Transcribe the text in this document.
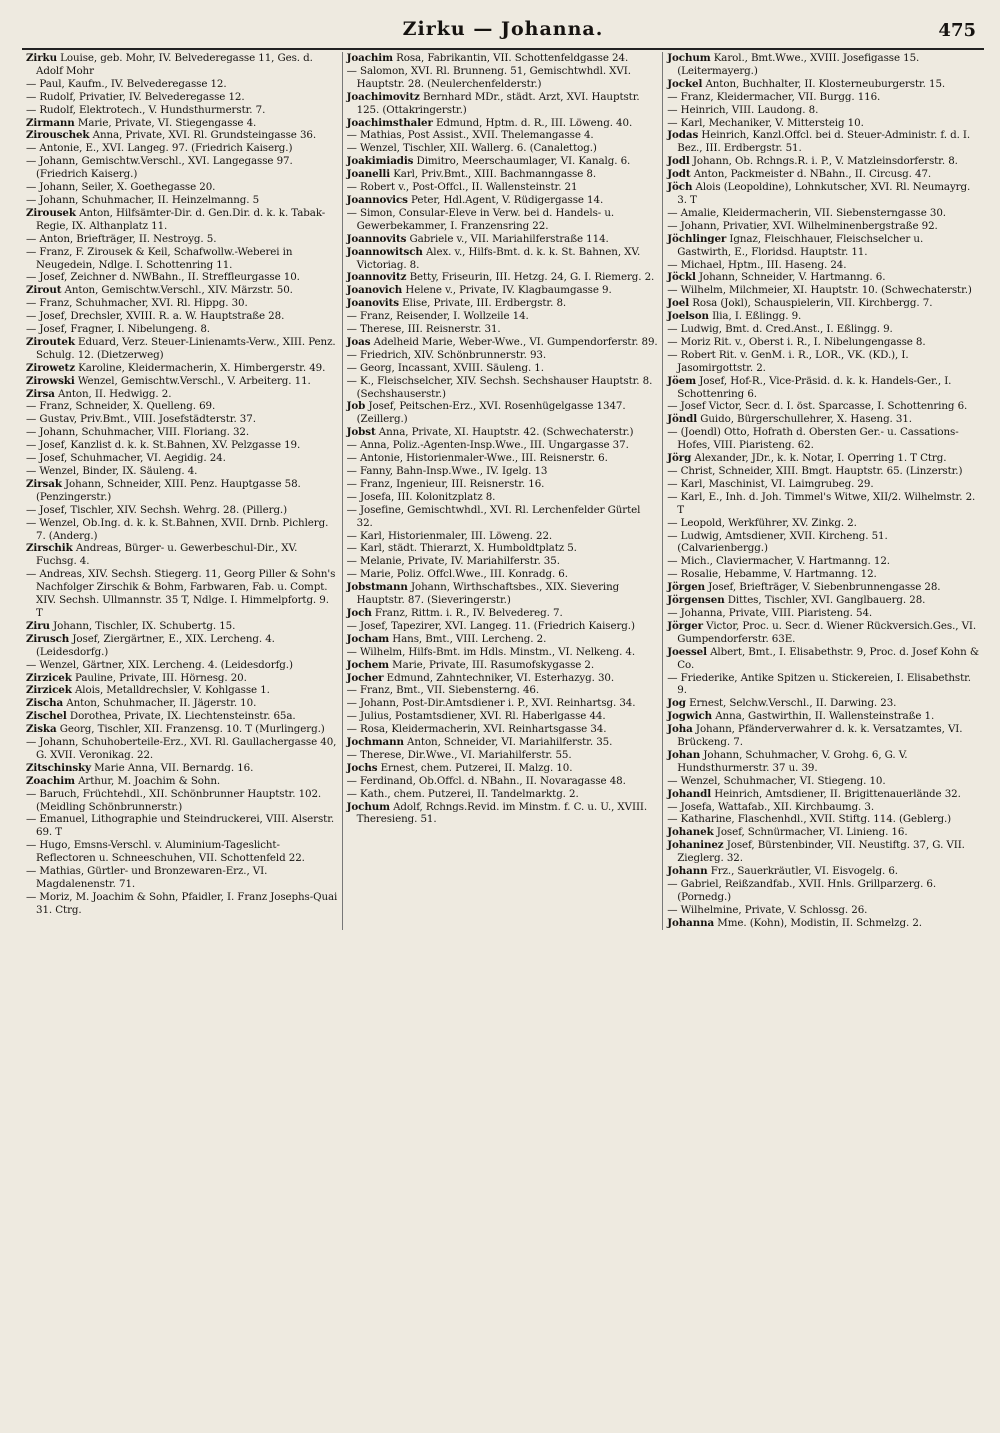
Zirku — Johanna.	475

Zirku Louise, geb. Mohr, IV. Belvederegasse 11, Ges. d. Adolf Mohr

— Paul, Kaufm., IV. Belvederegasse 12.

— Rudolf, Privatier, IV. Belvederegasse 12.

— Rudolf, Elektrotech., V. Hundsthurmerstr. 7.

Zirmann Marie, Private, VI. Stiegengasse 4.

Zirouschek Anna, Private, XVI. Rl. Grundsteingasse 36.

— Antonie, E., XVI. Langeg. 97. (Friedrich Kaiserg.)

— Johann, Gemischtw.Verschl., XVI. Langegasse 97. (Friedrich Kaiserg.)

— Johann, Seiler, X. Goethegasse 20.

— Johann, Schuhmacher, II. Heinzelmanng. 5

Zirousek Anton, Hilfsämter-Dir. d. Gen.Dir. d. k. k. Tabak-Regie, IX. Althanplatz 11.

— Anton, Briefträger, II. Nestroyg. 5.

— Franz, F. Zirousek & Keil, Schafwollw.-Weberei in Neugedein, Ndlge. I. Schottenring 11.

— Josef, Zeichner d. NWBahn., II. Streffleurgasse 10.

Zirout Anton, Gemischtw.Verschl., XIV. Märzstr. 50.

— Franz, Schuhmacher, XVI. Rl. Hippg. 30.

— Josef, Drechsler, XVIII. R. a. W. Hauptstraße 28.

— Josef, Fragner, I. Nibelungeng. 8.

Ziroutek Eduard, Verz. Steuer-Linienamts-Verw., XIII. Penz. Schulg. 12. (Dietzerweg)

Zirowetz Karoline, Kleidermacherin, X. Himbergerstr. 49.

Zirowski Wenzel, Gemischtw.Verschl., V. Arbeiterg. 11.

Zirsa Anton, II. Hedwigg. 2.

— Franz, Schneider, X. Quelleng. 69.

— Gustav, Priv.Bmt., VIII. Josefstädterstr. 37.

— Johann, Schuhmacher, VIII. Floriang. 32.

— Josef, Kanzlist d. k. k. St.Bahnen, XV. Pelzgasse 19.

— Josef, Schuhmacher, VI. Aegidig. 24.

— Wenzel, Binder, IX. Säuleng. 4.

Zirsak Johann, Schneider, XIII. Penz. Hauptgasse 58. (Penzingerstr.)

— Josef, Tischler, XIV. Sechsh. Wehrg. 28. (Pillerg.)

— Wenzel, Ob.Ing. d. k. k. St.Bahnen, XVII. Drnb. Pichlerg. 7. (Anderg.)

Zirschik Andreas, Bürger- u. Gewerbeschul-Dir., XV. Fuchsg. 4.

— Andreas, XIV. Sechsh. Stiegerg. 11, Georg Piller & Sohn's Nachfolger Zirschik & Bohm, Farbwaren, Fab. u. Compt. XIV. Sechsh. Ullmannstr. 35 T, Ndlge. I. Himmelpfortg. 9. T

Ziru Johann, Tischler, IX. Schubertg. 15.

Zirusch Josef, Ziergärtner, E., XIX. Lercheng. 4. (Leidesdorfg.)

— Wenzel, Gärtner, XIX. Lercheng. 4. (Leidesdorfg.)

Zirzicek Pauline, Private, III. Hörnesg. 20.

Zirzicek Alois, Metalldrechsler, V. Kohlgasse 1.

Zischa Anton, Schuhmacher, II. Jägerstr. 10.

Zischel Dorothea, Private, IX. Liechtensteinstr. 65a.

Ziska Georg, Tischler, XII. Franzensg. 10. T (Murlingerg.)

— Johann, Schuhoberteile-Erz., XVI. Rl. Gaullachergasse 40, G. XVII. Veronikag. 22.

Zitschinsky Marie Anna, VII. Bernardg. 16.

Zoachim Arthur, M. Joachim & Sohn.

— Baruch, Früchtehdl., XII. Schönbrunner Hauptstr. 102. (Meidling Schönbrunnerstr.)

— Emanuel, Lithographie und Steindruckerei, VIII. Alserstr. 69. T

— Hugo, Emsns-Verschl. v. Aluminium-Tageslicht-Reflectoren u. Schneeschuhen, VII. Schottenfeld 22.

— Mathias, Gürtler- und Bronzewaren-Erz., VI. Magdalenenstr. 71.

— Moriz, M. Joachim & Sohn, Pfaidler, I. Franz Josephs-Quai 31. Ctrg.

Joachim Rosa, Fabrikantin, VII. Schottenfeldgasse 24.

— Salomon, XVI. Rl. Brunneng. 51, Gemischtwhdl. XVI. Hauptstr. 28. (Neulerchenfelderstr.)

Joachimovitz Bernhard MDr., städt. Arzt, XVI. Hauptstr. 125. (Ottakringerstr.)

Joachimsthaler Edmund, Hptm. d. R., III. Löweng. 40.

— Mathias, Post Assist., XVII. Thelemangasse 4.

— Wenzel, Tischler, XII. Wallerg. 6. (Canalettog.)

Joakimiadis Dimitro, Meerschaumlager, VI. Kanalg. 6.

Joanelli Karl, Priv.Bmt., XIII. Bachmanngasse 8.

— Robert v., Post-Offcl., II. Wallensteinstr. 21

Joannovics Peter, Hdl.Agent, V. Rüdigergasse 14.

— Simon, Consular-Eleve in Verw. bei d. Handels- u. Gewerbekammer, I. Franzensring 22.

Joannovits Gabriele v., VII. Mariahilferstraße 114.

Joannowitsch Alex. v., Hilfs-Bmt. d. k. k. St. Bahnen, XV. Victoriag. 8.

Joannovitz Betty, Friseurin, III. Hetzg. 24, G. I. Riemerg. 2.

Joanovich Helene v., Private, IV. Klagbaumgasse 9.

Joanovits Elise, Private, III. Erdbergstr. 8.

— Franz, Reisender, I. Wollzeile 14.

— Therese, III. Reisnerstr. 31.

Joas Adelheid Marie, Weber-Wwe., VI. Gumpendorferstr. 89.

— Friedrich, XIV. Schönbrunnerstr. 93.

— Georg, Incassant, XVIII. Säuleng. 1.

— K., Fleischselcher, XIV. Sechsh. Sechshauser Hauptstr. 8. (Sechshauserstr.)

Job Josef, Peitschen-Erz., XVI. Rosenhügelgasse 1347. (Zeillerg.)

Jobst Anna, Private, XI. Hauptstr. 42. (Schwechaterstr.)

— Anna, Poliz.-Agenten-Insp.Wwe., III. Ungargasse 37.

— Antonie, Historienmaler-Wwe., III. Reisnerstr. 6.

— Fanny, Bahn-Insp.Wwe., IV. Igelg. 13

— Franz, Ingenieur, III. Reisnerstr. 16.

— Josefa, III. Kolonitzplatz 8.

— Josefine, Gemischtwhdl., XVI. Rl. Lerchenfelder Gürtel 32.

— Karl, Historienmaler, III. Löweng. 22.

— Karl, städt. Thierarzt, X. Humboldtplatz 5.

— Melanie, Private, IV. Mariahilferstr. 35.

— Marie, Poliz. Offcl.Wwe., III. Konradg. 6.

Jobstmann Johann, Wirthschaftsbes., XIX. Sievering Hauptstr. 87. (Sieveringerstr.)

Joch Franz, Rittm. i. R., IV. Belvedereg. 7.

— Josef, Tapezirer, XVI. Langeg. 11. (Friedrich Kaiserg.)

Jocham Hans, Bmt., VIII. Lercheng. 2.

— Wilhelm, Hilfs-Bmt. im Hdls. Minstm., VI. Nelkeng. 4.

Jochem Marie, Private, III. Rasumofskygasse 2.

Jocher Edmund, Zahntechniker, VI. Esterhazyg. 30.

— Franz, Bmt., VII. Siebensterng. 46.

— Johann, Post-Dir.Amtsdiener i. P., XVI. Reinhartsg. 34.

— Julius, Postamtsdiener, XVI. Rl. Haberlgasse 44.

— Rosa, Kleidermacherin, XVI. Reinhartsgasse 34.

Jochmann Anton, Schneider, VI. Mariahilferstr. 35.

— Therese, Dir.Wwe., VI. Mariahilferstr. 55.

Jochs Ernest, chem. Putzerei, II. Malzg. 10.

— Ferdinand, Ob.Offcl. d. NBahn., II. Novaragasse 48.

— Kath., chem. Putzerei, II. Tandelmarktg. 2.

Jochum Adolf, Rchngs.Revid. im Minstm. f. C. u. U., XVIII. Theresieng. 51.

Jochum Karol., Bmt.Wwe., XVIII. Josefigasse 15. (Leitermayerg.)

Jockel Anton, Buchhalter, II. Klosterneuburgerstr. 15.

— Franz, Kleidermacher, VII. Burgg. 116.

— Heinrich, VIII. Laudong. 8.

— Karl, Mechaniker, V. Mittersteig 10.

Jodas Heinrich, Kanzl.Offcl. bei d. Steuer-Administr. f. d. I. Bez., III. Erdbergstr. 51.

Jodl Johann, Ob. Rchngs.R. i. P., V. Matzleinsdorferstr. 8.

Jodt Anton, Packmeister d. NBahn., II. Circusg. 47.

Jöch Alois (Leopoldine), Lohnkutscher, XVI. Rl. Neumayrg. 3. T

— Amalie, Kleidermacherin, VII. Siebensterngasse 30.

— Johann, Privatier, XVI. Wilhelminenbergstraße 92.

Jöchlinger Ignaz, Fleischhauer, Fleischselcher u. Gastwirth, E., Floridsd. Hauptstr. 11.

— Michael, Hptm., III. Haseng. 24.

Jöckl Johann, Schneider, V. Hartmanng. 6.

— Wilhelm, Milchmeier, XI. Hauptstr. 10. (Schwechaterstr.)

Joel Rosa (Jokl), Schauspielerin, VII. Kirchbergg. 7.

Joelson Ilia, I. Eßlingg. 9.

— Ludwig, Bmt. d. Cred.Anst., I. Eßlingg. 9.

— Moriz Rit. v., Oberst i. R., I. Nibelungengasse 8.

— Robert Rit. v. GenM. i. R., LOR., VK. (KD.), I. Jasomirgottstr. 2.

Jöem Josef, Hof-R., Vice-Präsid. d. k. k. Handels-Ger., I. Schottenring 6.

— Josef Victor, Secr. d. I. öst. Sparcasse, I. Schottenring 6.

Jöndl Guido, Bürgerschullehrer, X. Haseng. 31.

— (Joendl) Otto, Hofrath d. Obersten Ger.- u. Cassations-Hofes, VIII. Piaristeng. 62.

Jörg Alexander, JDr., k. k. Notar, I. Operring 1. T Ctrg.

— Christ, Schneider, XIII. Bmgt. Hauptstr. 65. (Linzerstr.)

— Karl, Maschinist, VI. Laimgrubeg. 29.

— Karl, E., Inh. d. Joh. Timmel's Witwe, XII/2. Wilhelmstr. 2. T

— Leopold, Werkführer, XV. Zinkg. 2.

— Ludwig, Amtsdiener, XVII. Kircheng. 51. (Calvarienbergg.)

— Mich., Claviermacher, V. Hartmanng. 12.

— Rosalie, Hebamme, V. Hartmanng. 12.

Jörgen Josef, Briefträger, V. Siebenbrunnengasse 28.

Jörgensen Dittes, Tischler, XVI. Ganglbauerg. 28.

— Johanna, Private, VIII. Piaristeng. 54.

Jörger Victor, Proc. u. Secr. d. Wiener Rückversich.Ges., VI. Gumpendorferstr. 63E.

Joessel Albert, Bmt., I. Elisabethstr. 9, Proc. d. Josef Kohn & Co.

— Friederike, Antike Spitzen u. Stickereien, I. Elisabethstr. 9.

Jog Ernest, Selchw.Verschl., II. Darwing. 23.

Jogwich Anna, Gastwirthin, II. Wallensteinstraße 1.

Joha Johann, Pfänderverwahrer d. k. k. Versatzamtes, VI. Brückeng. 7.

Johan Johann, Schuhmacher, V. Grohg. 6, G. V. Hundsthurmerstr. 37 u. 39.

— Wenzel, Schuhmacher, VI. Stiegeng. 10.

Johandl Heinrich, Amtsdiener, II. Brigittenauerlände 32.

— Josefa, Wattafab., XII. Kirchbaumg. 3.

— Katharine, Flaschenhdl., XVII. Stiftg. 114. (Geblerg.)

Johanek Josef, Schnürmacher, VI. Linieng. 16.

Johaninez Josef, Bürstenbinder, VII. Neustiftg. 37, G. VII. Zieglerg. 32.

Johann Frz., Sauerkräutler, VI. Eisvogelg. 6.

— Gabriel, Reißzandfab., XVII. Hnls. Grillparzerg. 6. (Pornedg.)

— Wilhelmine, Private, V. Schlossg. 26.

Johanna Mme. (Kohn), Modistin, II. Schmelzg. 2.
